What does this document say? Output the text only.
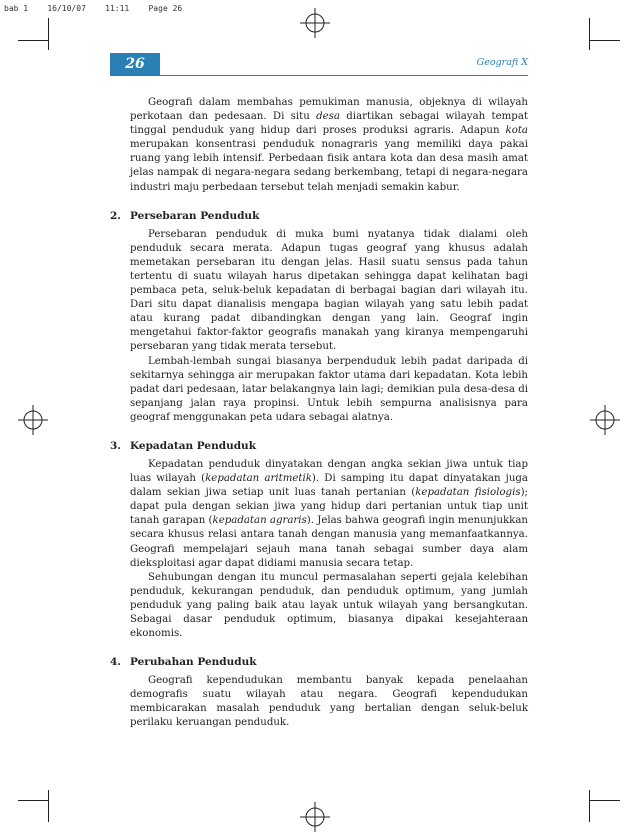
bab 1    16/10/07    11:11    Page 26
26	Geografi X

Geografi dalam membahas pemukiman manusia, objeknya di wilayah perkotaan dan pedesaan. Di situ desa diartikan sebagai wilayah tempat tinggal penduduk yang hidup dari proses produksi agraris. Adapun kota merupakan konsentrasi penduduk nonagraris yang memiliki daya pakai ruang yang lebih intensif. Perbedaan fisik antara kota dan desa masih amat jelas nampak di negara-negara sedang berkembang, tetapi di negara-negara industri maju perbedaan tersebut telah menjadi semakin kabur.

2. Persebaran Penduduk

Persebaran penduduk di muka bumi nyatanya tidak dialami oleh penduduk secara merata. Adapun tugas geograf yang khusus adalah memetakan persebaran itu dengan jelas. Hasil suatu sensus pada tahun tertentu di suatu wilayah harus dipetakan sehingga dapat kelihatan bagi pembaca peta, seluk-beluk kepadatan di berbagai bagian dari wilayah itu. Dari situ dapat dianalisis mengapa bagian wilayah yang satu lebih padat atau kurang padat dibandingkan dengan yang lain. Geograf ingin mengetahui faktor-faktor geografis manakah yang kiranya mempengaruhi persebaran yang tidak merata tersebut.

Lembah-lembah sungai biasanya berpenduduk lebih padat daripada di sekitarnya sehingga air merupakan faktor utama dari kepadatan. Kota lebih padat dari pedesaan, latar belakangnya lain lagi; demikian pula desa-desa di sepanjang jalan raya propinsi. Untuk lebih sempurna analisisnya para geograf menggunakan peta udara sebagai alatnya.

3. Kepadatan Penduduk

Kepadatan penduduk dinyatakan dengan angka sekian jiwa untuk tiap luas wilayah (kepadatan aritmetik). Di samping itu dapat dinyatakan juga dalam sekian jiwa setiap unit luas tanah pertanian (kepadatan fisiologis); dapat pula dengan sekian jiwa yang hidup dari pertanian untuk tiap unit tanah garapan (kepadatan agraris). Jelas bahwa geografi ingin menunjukkan secara khusus relasi antara tanah dengan manusia yang memanfaatkannya. Geografi mempelajari sejauh mana tanah sebagai sumber daya alam dieksploitasi agar dapat didiami manusia secara tetap.

Sehubungan dengan itu muncul permasalahan seperti gejala kelebihan penduduk, kekurangan penduduk, dan penduduk optimum, yang jumlah penduduk yang paling baik atau layak untuk wilayah yang bersangkutan. Sebagai dasar penduduk optimum, biasanya dipakai kesejahteraan ekonomis.

4. Perubahan Penduduk

Geografi kependudukan membantu banyak kepada penelaahan demografis suatu wilayah atau negara. Geografi kependudukan membicarakan masalah penduduk yang bertalian dengan seluk-beluk perilaku keruangan penduduk.
